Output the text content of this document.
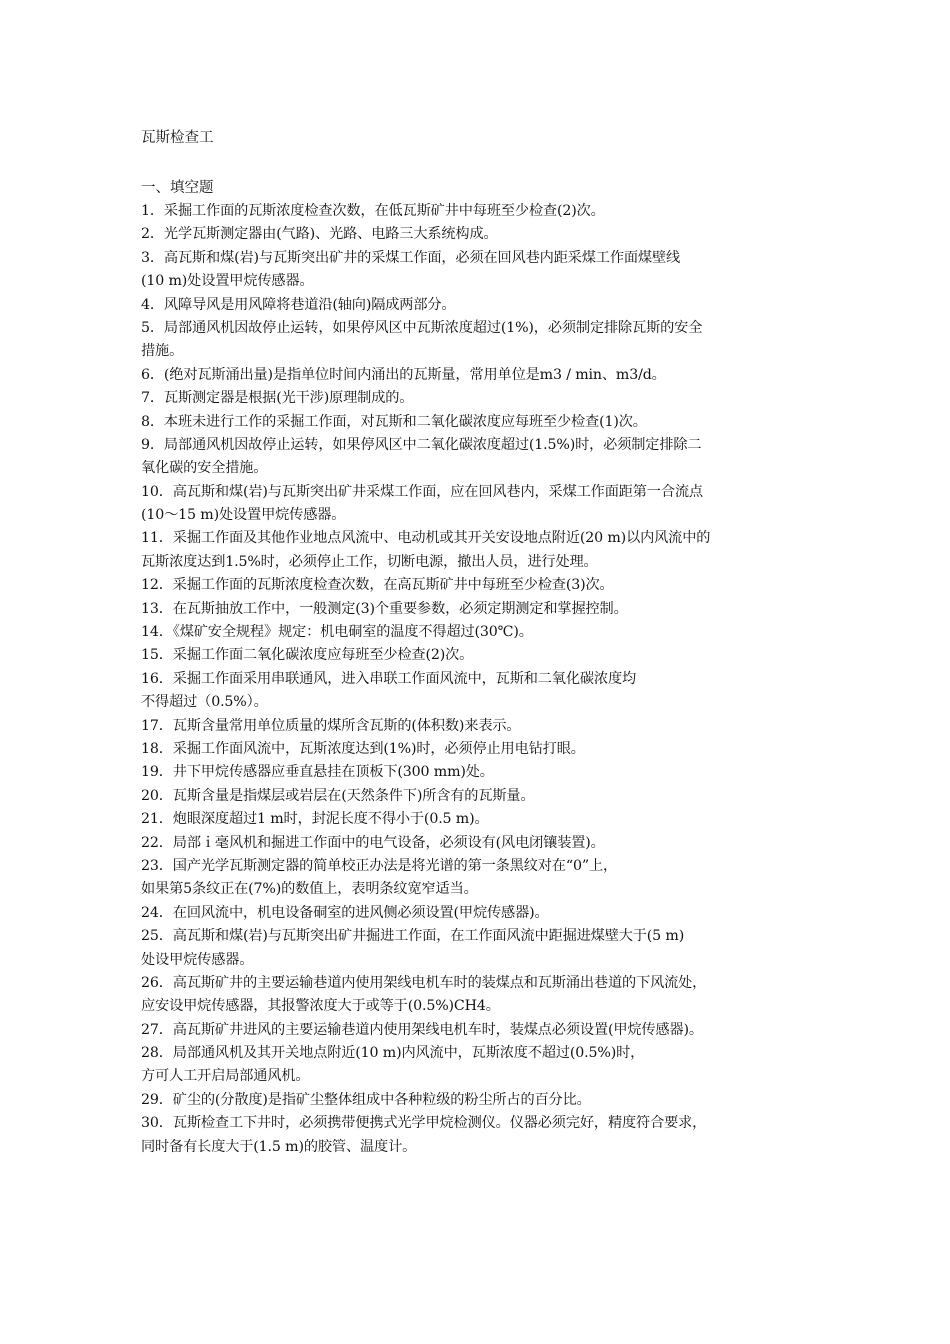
瓦斯检查工
一、填空题
1．采掘工作面的瓦斯浓度检查次数，在低瓦斯矿井中每班至少检查(2)次。
2．光学瓦斯测定器由(气路)、光路、电路三大系统构成。
3．高瓦斯和煤(岩)与瓦斯突出矿井的采煤工作面，必须在回风巷内距采煤工作面煤壁线
(10 m)处设置甲烷传感器。
4．风障导风是用风障将巷道沿(轴向)隔成两部分。
5．局部通风机因故停止运转，如果停风区中瓦斯浓度超过(1%)，必须制定排除瓦斯的安全
措施。
6．(绝对瓦斯涌出量)是指单位时间内涌出的瓦斯量，常用单位是m3 / min、m3/d。
7．瓦斯测定器是根据(光干涉)原理制成的。
8．本班未进行工作的采掘工作面，对瓦斯和二氧化碳浓度应每班至少检查(1)次。
9．局部通风机因故停止运转，如果停风区中二氧化碳浓度超过(1.5%)时，必须制定排除二
氧化碳的安全措施。
10．高瓦斯和煤(岩)与瓦斯突出矿井采煤工作面，应在回风巷内，采煤工作面距第一合流点
(10～15 m)处设置甲烷传感器。
11．采掘工作面及其他作业地点风流中、电动机或其开关安设地点附近(20 m)以内风流中的
瓦斯浓度达到1.5%时，必须停止工作，切断电源，撤出人员，进行处理。
12．采掘工作面的瓦斯浓度检查次数，在高瓦斯矿井中每班至少检查(3)次。
13．在瓦斯抽放工作中，一般测定(3)个重要参数，必须定期测定和掌握控制。
14．《煤矿安全规程》规定：机电硐室的温度不得超过(30℃)。
15．采掘工作面二氧化碳浓度应每班至少检查(2)次。
16．采掘工作面采用串联通风，进入串联工作面风流中，瓦斯和二氧化碳浓度均
不得超过（0.5%）。
17．瓦斯含量常用单位质量的煤所含瓦斯的(体积数)来表示。
18．采掘工作面风流中，瓦斯浓度达到(1%)时，必须停止用电钻打眼。
19．井下甲烷传感器应垂直悬挂在顶板下(300 mm)处。
20．瓦斯含量是指煤层或岩层在(天然条件下)所含有的瓦斯量。
21．炮眼深度超过1 m时，封泥长度不得小于(0.5 m)。
22．局部ｉ毫风机和掘进工作面中的电气设备，必须设有(风电闭镶装置)。
23．国产光学瓦斯测定器的简单校正办法是将光谱的第一条黑纹对在“0”上，
如果第5条纹正在(7%)的数值上，表明条纹宽窄适当。
24．在回风流中，机电设备硐室的进风侧必须设置(甲烷传感器)。
25．高瓦斯和煤(岩)与瓦斯突出矿井掘进工作面，在工作面风流中距掘进煤壁大于(5 m)
处设甲烷传感器。
26．高瓦斯矿井的主要运输巷道内使用架线电机车时的装煤点和瓦斯涌出巷道的下风流处，
应安设甲烷传感器，其报警浓度大于或等于(0.5%)CH4。
27．高瓦斯矿井进风的主要运输巷道内使用架线电机车时，装煤点必须设置(甲烷传感器)。
28．局部通风机及其开关地点附近(10 m)内风流中，瓦斯浓度不超过(0.5%)时，
方可人工开启局部通风机。
29．矿尘的(分散度)是指矿尘整体组成中各种粒级的粉尘所占的百分比。
30．瓦斯检查工下井时，必须携带便携式光学甲烷检测仪。仪器必须完好，精度符合要求，
同时备有长度大于(1.5 m)的胶管、温度计。
